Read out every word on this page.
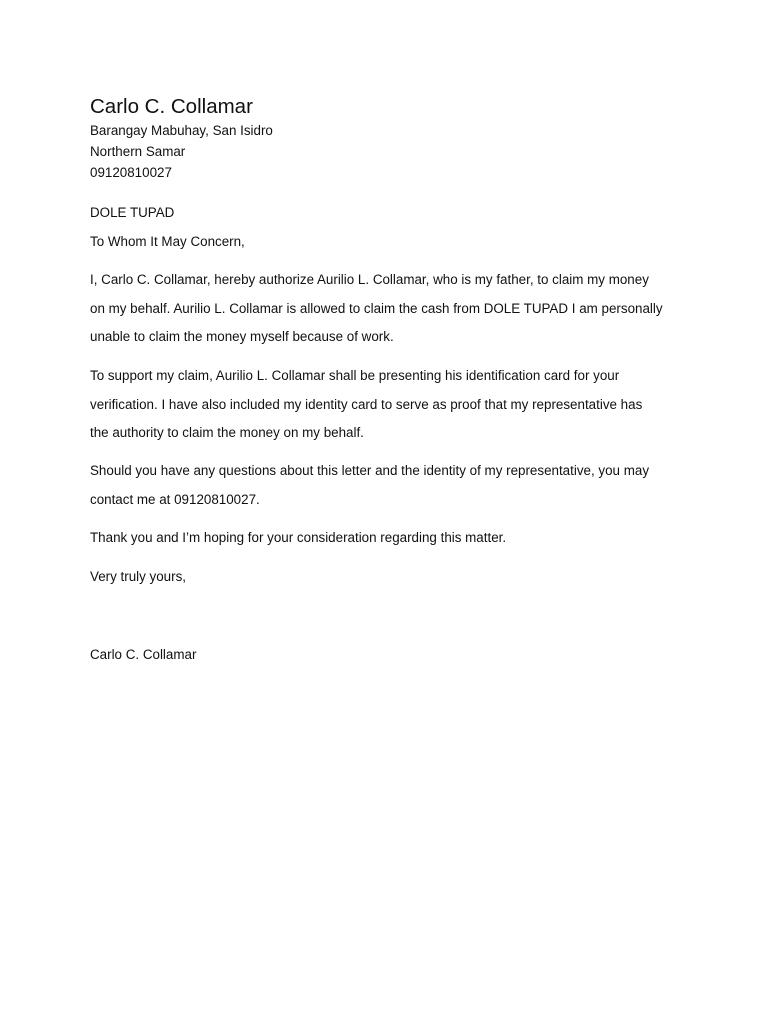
Carlo C. Collamar
Barangay Mabuhay, San Isidro
Northern Samar
09120810027
DOLE TUPAD
To Whom It May Concern,
I, Carlo C. Collamar, hereby authorize Aurilio L. Collamar, who is my father, to claim my money
on my behalf. Aurilio L. Collamar is allowed to claim the cash from DOLE TUPAD I am personally
unable to claim the money myself because of work.
To support my claim, Aurilio L. Collamar shall be presenting his identification card for your
verification. I have also included my identity card to serve as proof that my representative has
the authority to claim the money on my behalf.
Should you have any questions about this letter and the identity of my representative, you may
contact me at 09120810027.
Thank you and I’m hoping for your consideration regarding this matter.
Very truly yours,
Carlo C. Collamar
